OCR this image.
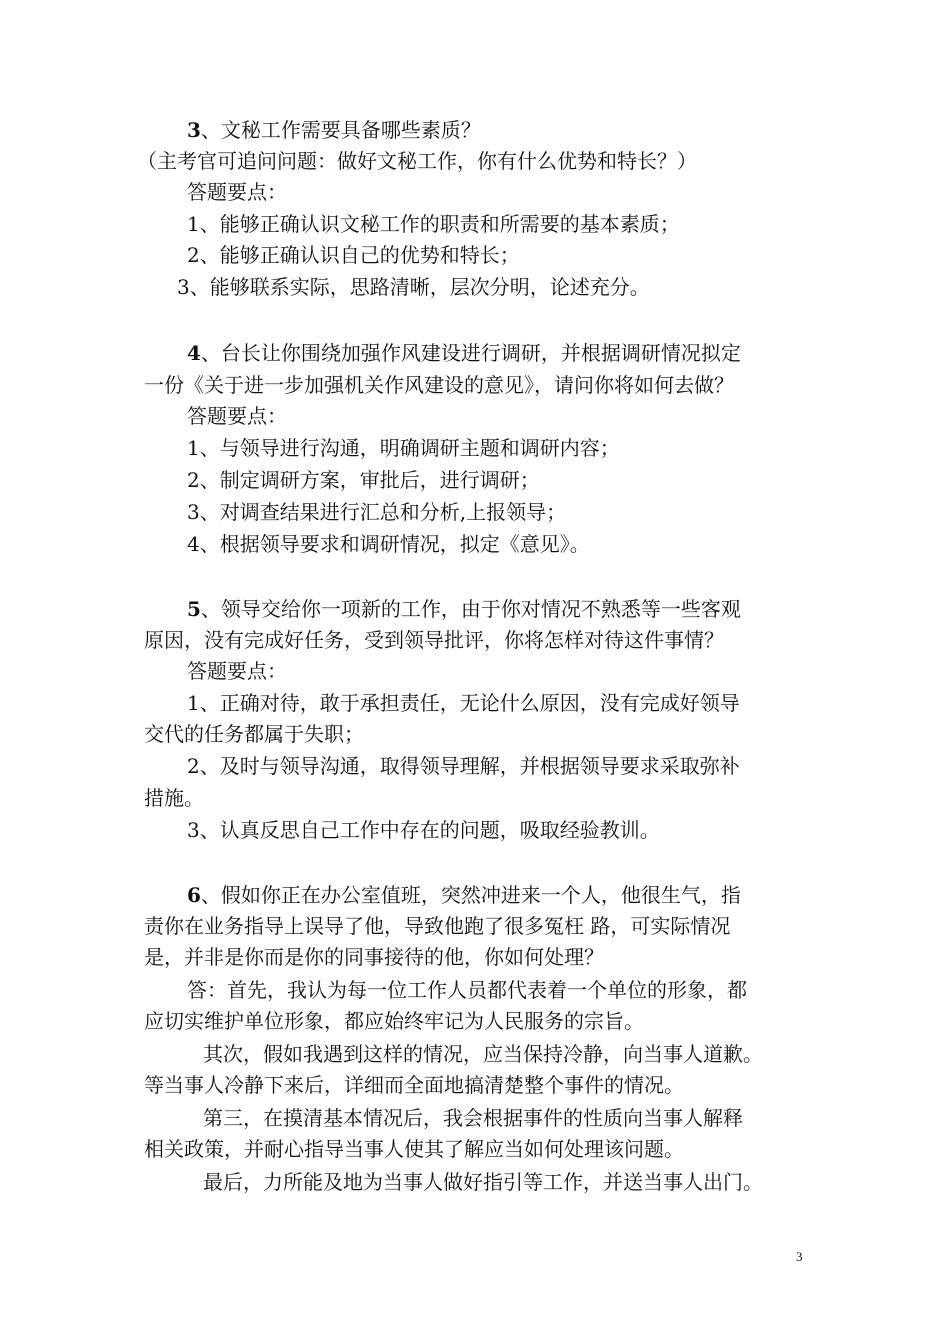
3、文秘工作需要具备哪些素质？
（主考官可追问问题：做好文秘工作，你有什么优势和特长？）
答题要点：
1、能够正确认识文秘工作的职责和所需要的基本素质；
2、能够正确认识自己的优势和特长；
3、能够联系实际，思路清晰，层次分明，论述充分。
4、台长让你围绕加强作风建设进行调研，并根据调研情况拟定
一份《关于进一步加强机关作风建设的意见》，请问你将如何去做？
答题要点：
1、与领导进行沟通，明确调研主题和调研内容；
2、制定调研方案，审批后，进行调研；
3、对调查结果进行汇总和分析,上报领导；
4、根据领导要求和调研情况，拟定《意见》。
5、领导交给你一项新的工作，由于你对情况不熟悉等一些客观
原因，没有完成好任务，受到领导批评，你将怎样对待这件事情？
答题要点：
1、正确对待，敢于承担责任，无论什么原因，没有完成好领导
交代的任务都属于失职；
2、及时与领导沟通，取得领导理解，并根据领导要求采取弥补
措施。
3、认真反思自己工作中存在的问题，吸取经验教训。
6、假如你正在办公室值班，突然冲进来一个人，他很生气，指
责你在业务指导上误导了他，导致他跑了很多冤枉 路，可实际情况
是，并非是你而是你的同事接待的他，你如何处理？
答：首先，我认为每一位工作人员都代表着一个单位的形象，都
应切实维护单位形象，都应始终牢记为人民服务的宗旨。
其次，假如我遇到这样的情况，应当保持冷静，向当事人道歉。
等当事人冷静下来后，详细而全面地搞清楚整个事件的情况。
第三，在摸清基本情况后，我会根据事件的性质向当事人解释
相关政策，并耐心指导当事人使其了解应当如何处理该问题。
最后，力所能及地为当事人做好指引等工作，并送当事人出门。
3
